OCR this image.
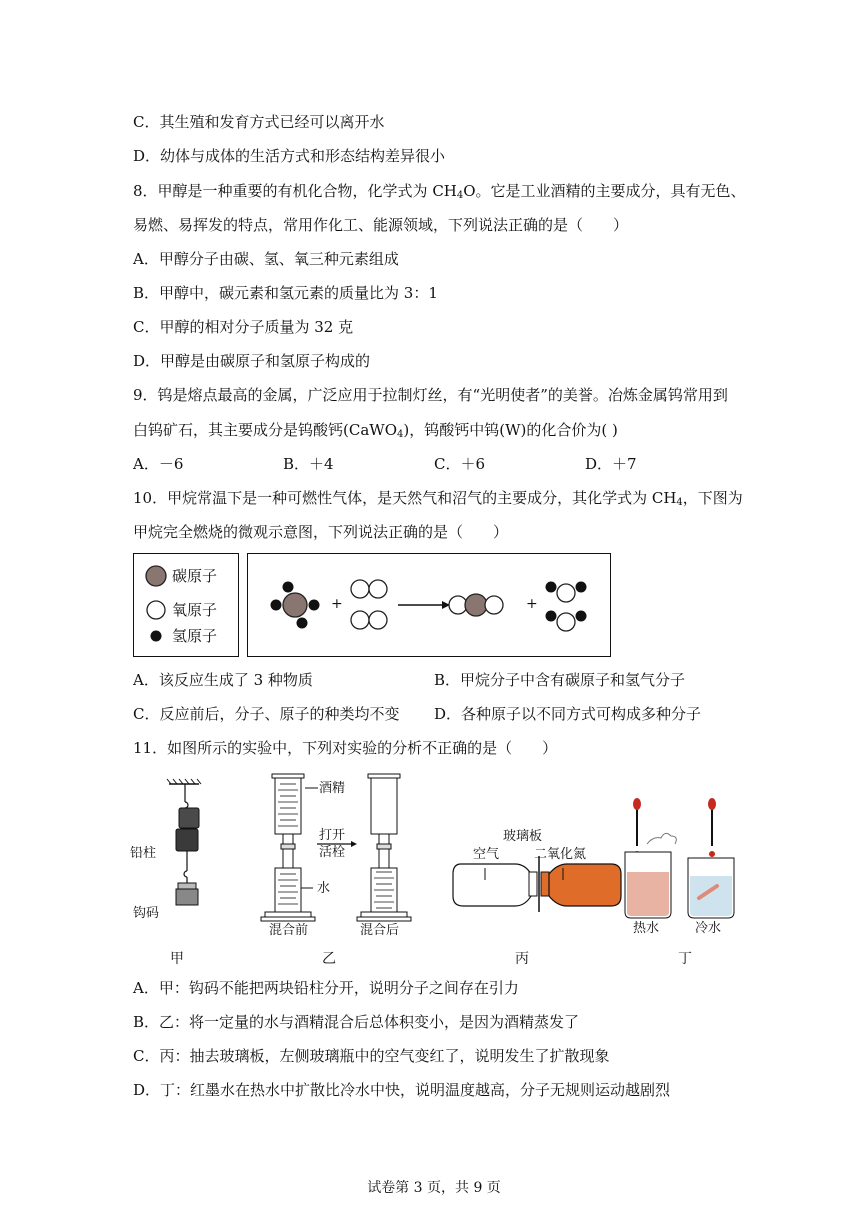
C．其生殖和发育方式已经可以离开水
D．幼体与成体的生活方式和形态结构差异很小
8．甲醇是一种重要的有机化合物，化学式为 $CH_4O$。它是工业酒精的主要成分，具有无色、
易燃、易挥发的特点，常用作化工、能源领域，下列说法正确的是（　　）
A．甲醇分子由碳、氢、氧三种元素组成
B．甲醇中，碳元素和氢元素的质量比为 3：1
C．甲醇的相对分子质量为 32 克
D．甲醇是由碳原子和氢原子构成的
9．钨是熔点最高的金属，广泛应用于拉制灯丝，有“光明使者”的美誉。冶炼金属钨常用到
白钨矿石，其主要成分是钨酸钙(CaWO$_4$)，钨酸钙中钨(W)的化合价为( )
A．－6	B．＋4	C．＋6	D．＋7
10．甲烷常温下是一种可燃性气体，是天然气和沼气的主要成分，其化学式为 $CH_4$，下图为
甲烷完全燃烧的微观示意图，下列说法正确的是（　　）
碳原子
氧原子
氢原子
+	+
A．该反应生成了 3 种物质	B．甲烷分子中含有碳原子和氢气分子
C．反应前后，分子、原子的种类均不变 D．各种原子以不同方式可构成多种分子
11．如图所示的实验中，下列对实验的分析不正确的是（　　）
铅柱
钩码
酒精
打开
活栓
水
混合前	混合后
玻璃板
空气	二氧化氮
热水	冷水
甲	乙	丙	丁
A．甲：钩码不能把两块铅柱分开，说明分子之间存在引力
B．乙：将一定量的水与酒精混合后总体积变小，是因为酒精蒸发了
C．丙：抽去玻璃板，左侧玻璃瓶中的空气变红了，说明发生了扩散现象
D．丁：红墨水在热水中扩散比冷水中快，说明温度越高，分子无规则运动越剧烈
试卷第 3 页，共 9 页
